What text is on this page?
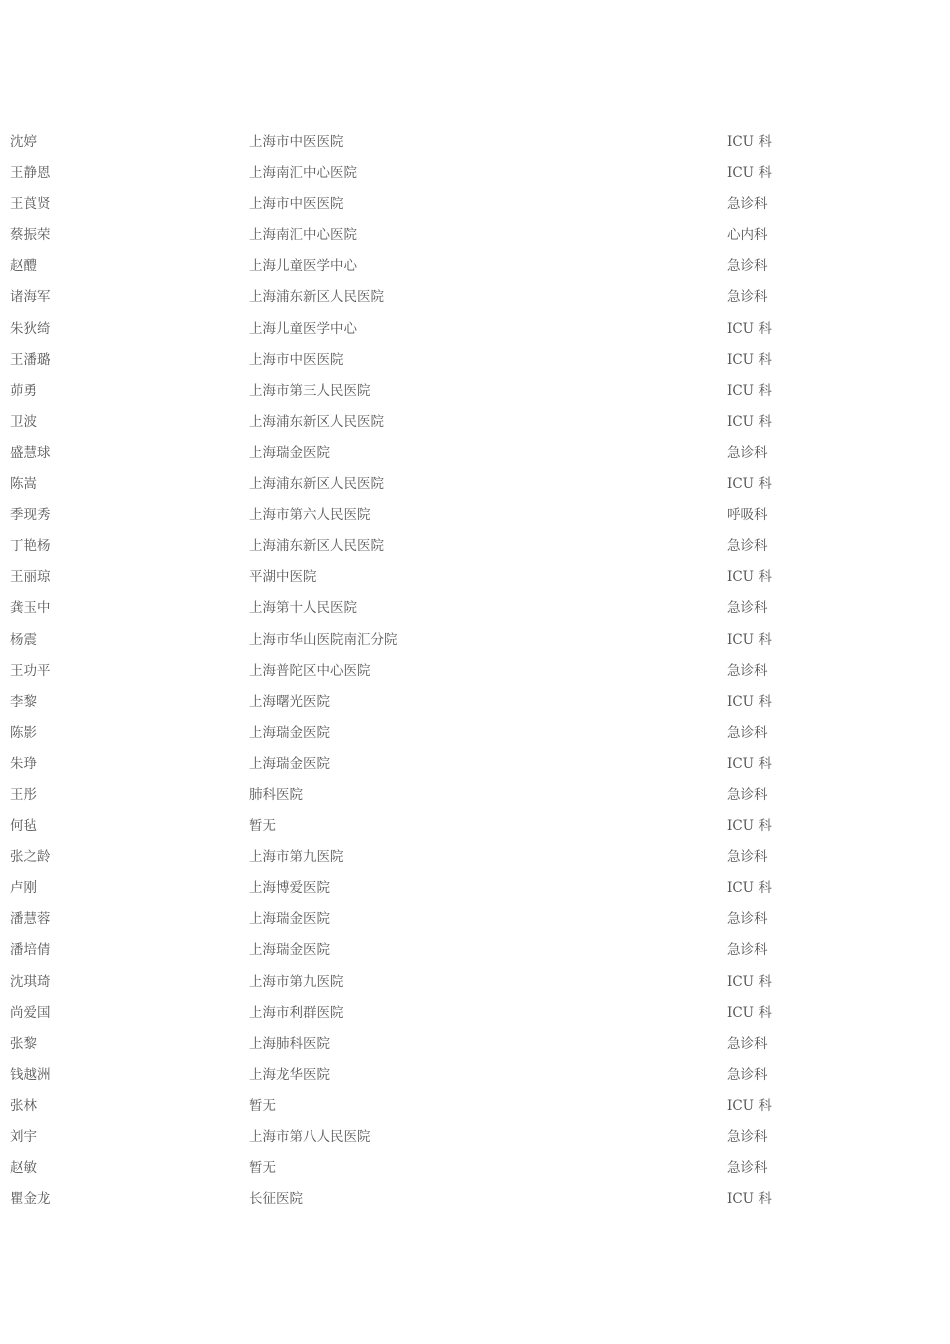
沈婷	上海市中医医院	ICU 科
王静恩	上海南汇中心医院	ICU 科
王莨贤	上海市中医医院	急诊科
蔡振荣	上海南汇中心医院	心内科
赵醴	上海儿童医学中心	急诊科
诸海军	上海浦东新区人民医院	急诊科
朱狄绮	上海儿童医学中心	ICU 科
王潘璐	上海市中医医院	ICU 科
茆勇	上海市第三人民医院	ICU 科
卫波	上海浦东新区人民医院	ICU 科
盛慧球	上海瑞金医院	急诊科
陈嵩	上海浦东新区人民医院	ICU 科
季现秀	上海市第六人民医院	呼吸科
丁艳杨	上海浦东新区人民医院	急诊科
王丽琼	平湖中医院	ICU 科
龚玉中	上海第十人民医院	急诊科
杨震	上海市华山医院南汇分院	ICU 科
王功平	上海普陀区中心医院	急诊科
李黎	上海曙光医院	ICU 科
陈影	上海瑞金医院	急诊科
朱琤	上海瑞金医院	ICU 科
王彤	肺科医院	急诊科
何毡	暂无	ICU 科
张之龄	上海市第九医院	急诊科
卢刚	上海博爱医院	ICU 科
潘慧蓉	上海瑞金医院	急诊科
潘培倩	上海瑞金医院	急诊科
沈琪琦	上海市第九医院	ICU 科
尚爱国	上海市利群医院	ICU 科
张黎	上海肺科医院	急诊科
钱越洲	上海龙华医院	急诊科
张林	暂无	ICU 科
刘宇	上海市第八人民医院	急诊科
赵敏	暂无	急诊科
瞿金龙	长征医院	ICU 科
